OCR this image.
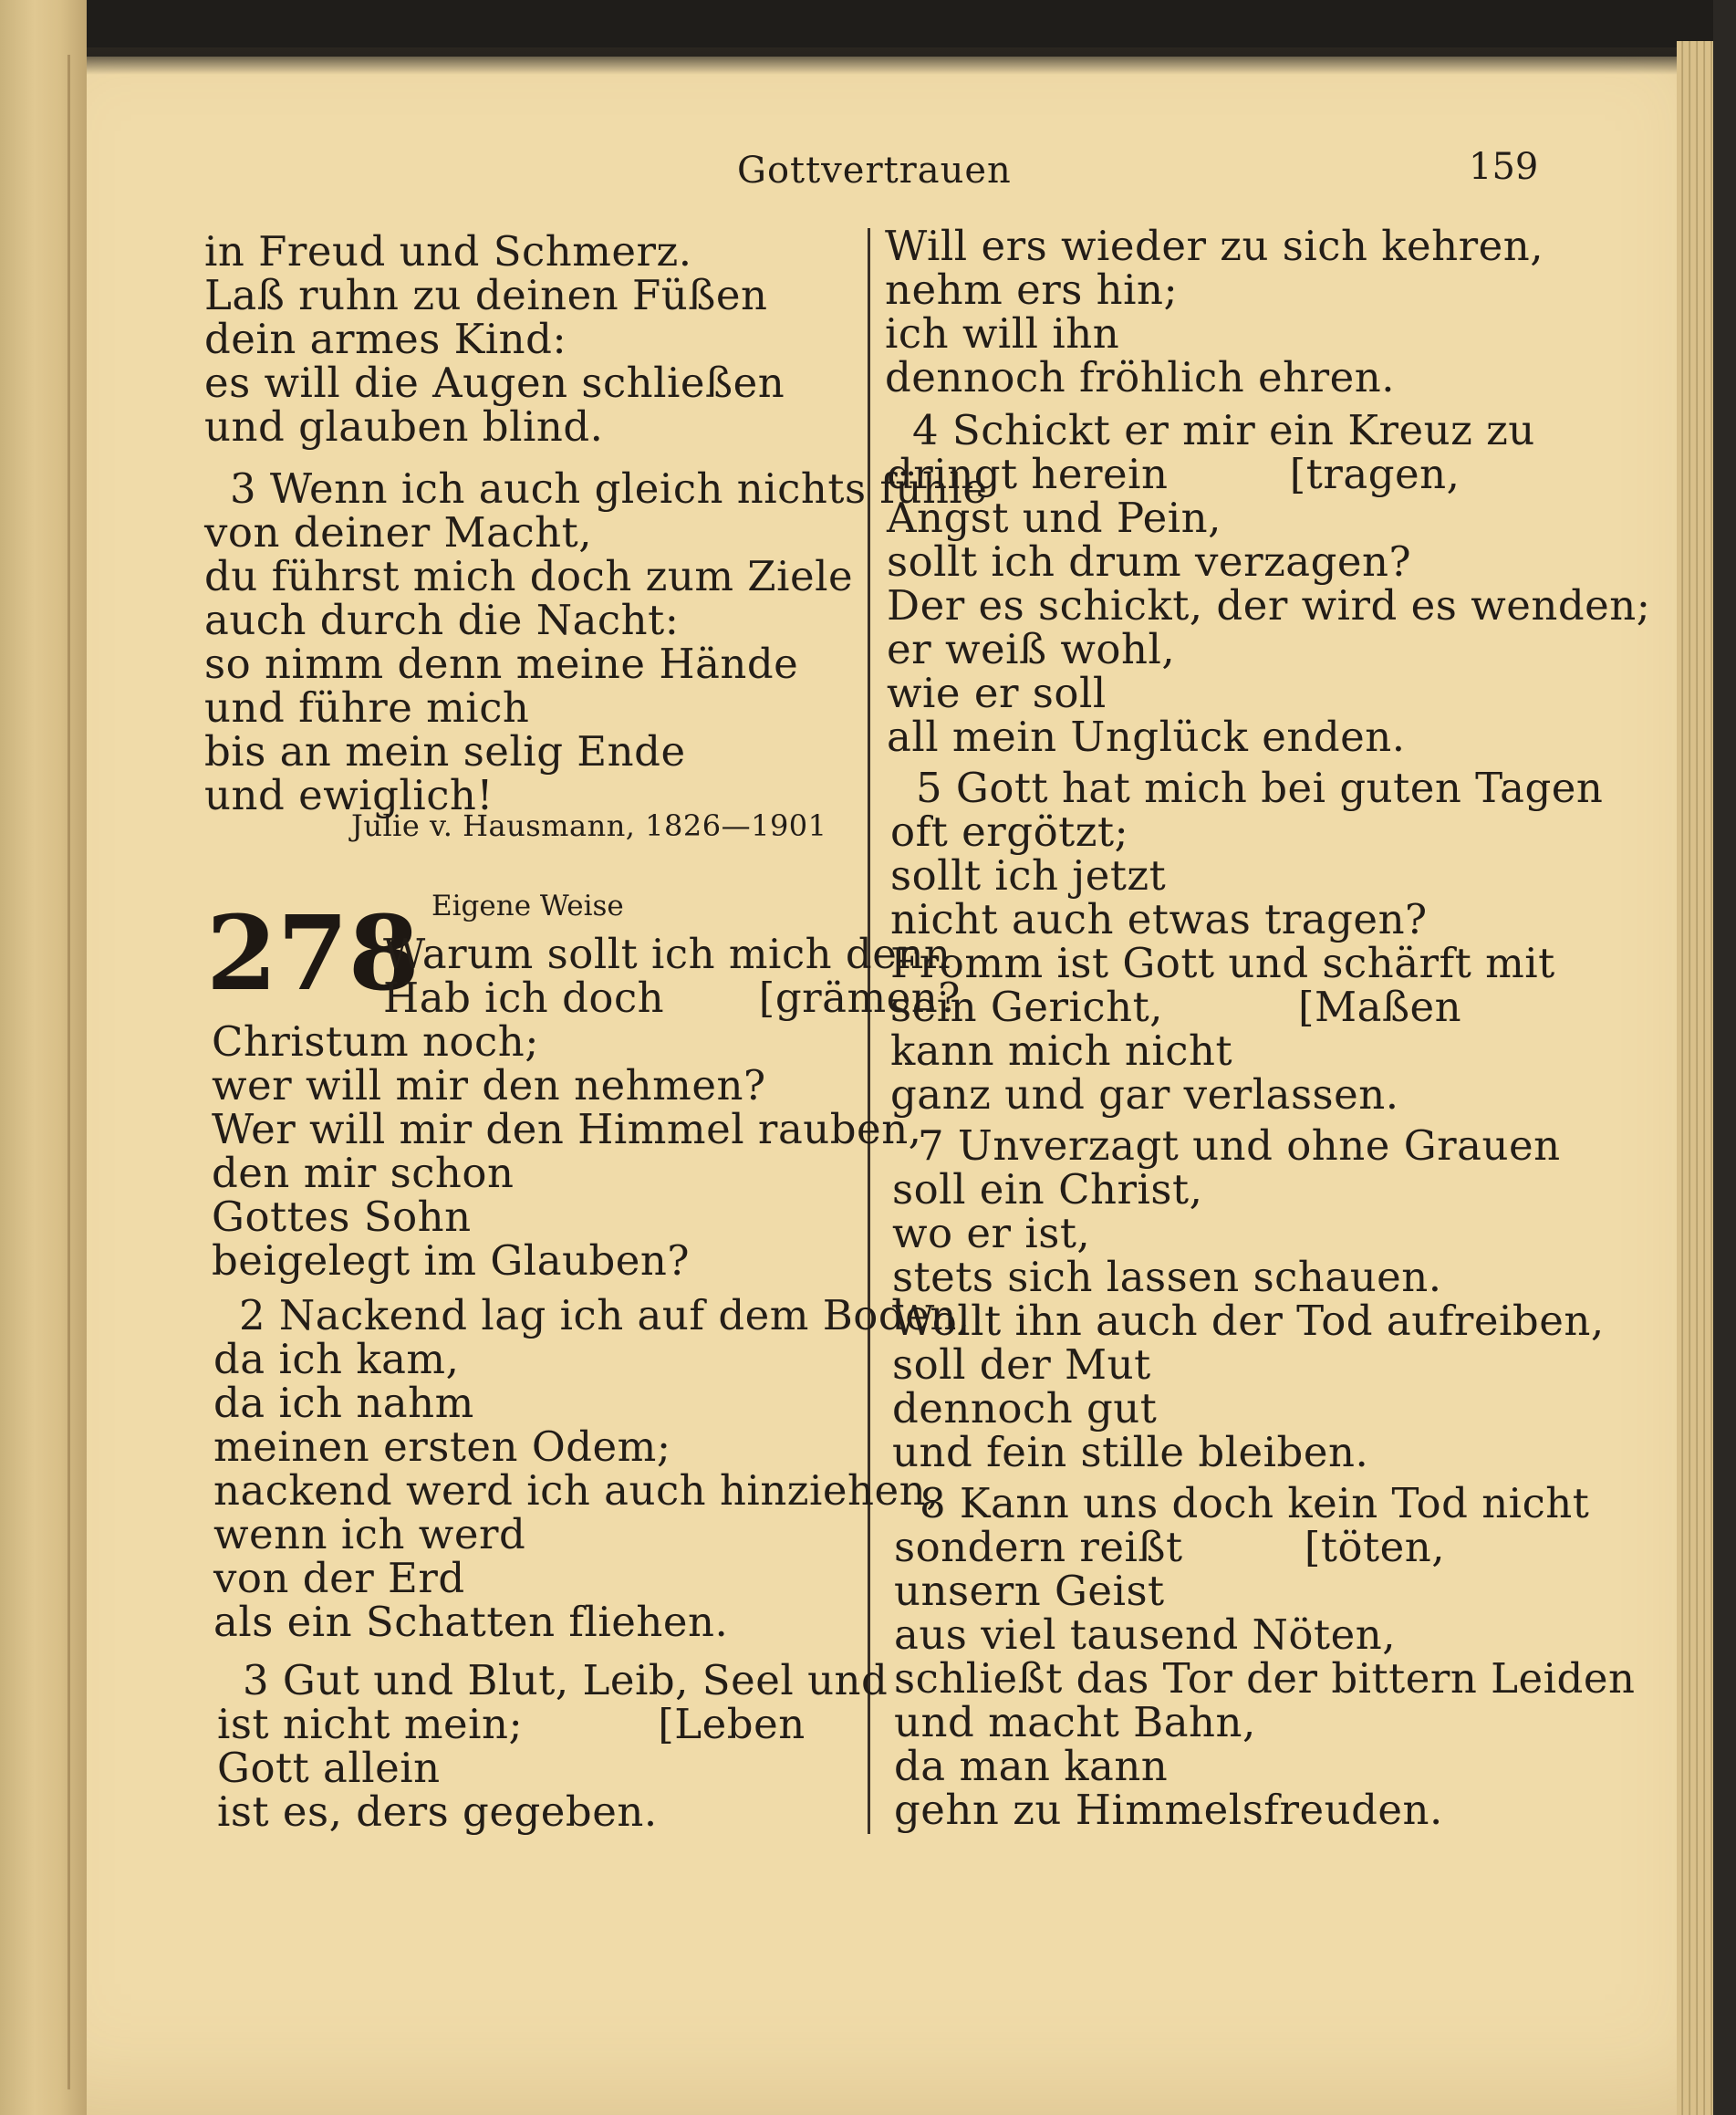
Gottvertrauen	159
in Freud und Schmerz.
Laß ruhn zu deinen Füßen
dein armes Kind:
es will die Augen schließen
und glauben blind.
3 Wenn ich auch gleich nichts fühle
von deiner Macht,
du führst mich doch zum Ziele
auch durch die Nacht:
so nimm denn meine Hände
und führe mich
bis an mein selig Ende
und ewiglich!
Julie v. Hausmann, 1826—1901
Eigene Weise
278
Warum sollt ich mich denn
Hab ich doch       [grämen?
Christum noch;
wer will mir den nehmen?
Wer will mir den Himmel rauben,
den mir schon
Gottes Sohn
beigelegt im Glauben?
2 Nackend lag ich auf dem Boden,
da ich kam,
da ich nahm
meinen ersten Odem;
nackend werd ich auch hinziehen,
wenn ich werd
von der Erd
als ein Schatten fliehen.
3 Gut und Blut, Leib, Seel und
ist nicht mein;          [Leben
Gott allein
ist es, ders gegeben.
Will ers wieder zu sich kehren,
nehm ers hin;
ich will ihn
dennoch fröhlich ehren.
4 Schickt er mir ein Kreuz zu
dringt herein         [tragen,
Angst und Pein,
sollt ich drum verzagen?
Der es schickt, der wird es wenden;
er weiß wohl,
wie er soll
all mein Unglück enden.
5 Gott hat mich bei guten Tagen
oft ergötzt;
sollt ich jetzt
nicht auch etwas tragen?
Fromm ist Gott und schärft mit
sein Gericht,          [Maßen
kann mich nicht
ganz und gar verlassen.
7 Unverzagt und ohne Grauen
soll ein Christ,
wo er ist,
stets sich lassen schauen.
Wollt ihn auch der Tod aufreiben,
soll der Mut
dennoch gut
und fein stille bleiben.
8 Kann uns doch kein Tod nicht
sondern reißt         [töten,
unsern Geist
aus viel tausend Nöten,
schließt das Tor der bittern Leiden
und macht Bahn,
da man kann
gehn zu Himmelsfreuden.
